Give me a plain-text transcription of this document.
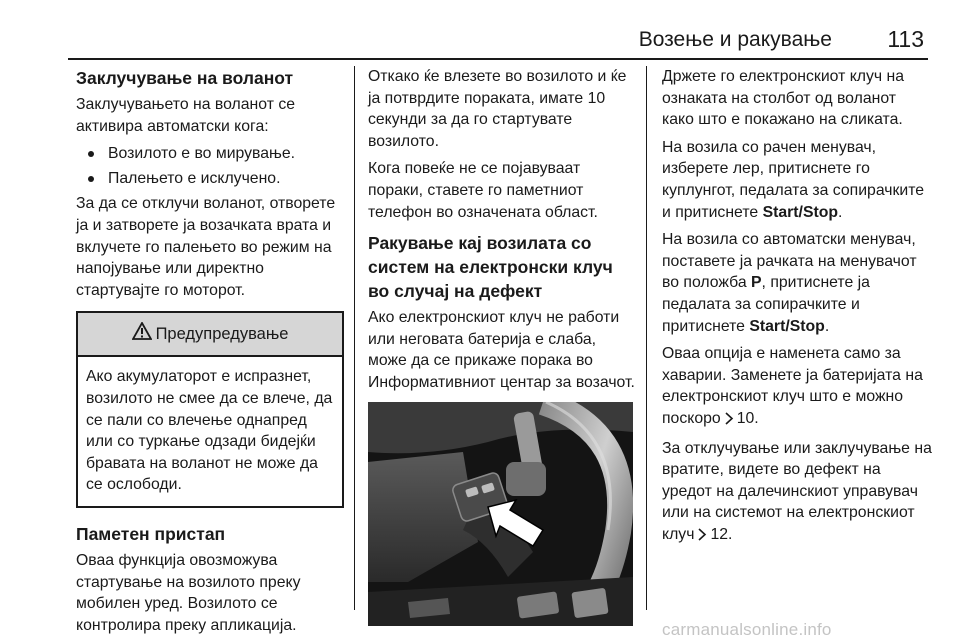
Возење и ракување 113
Заклучување на воланот

Заклучувањето на воланот се активира автоматски кога:

Возилото е во мирување.
Палењето е исклучено.

За да се отклучи воланот, отворете ја и затворете ја возачката врата и вклучете го палењето во режим на напојување или директно стартувајте го моторот.

Предупредување
Ако акумулаторот е испразнет, возилото не смее да се влече, да се пали со влечење однапред или со туркање одзади бидејќи бравата на воланот не може да се ослободи.
Паметен пристап

Оваа функција овозможува стартување на возилото преку мобилен уред. Возилото се контролира преку апликација.

Откако ќе влезете во возилото и ќе ја потврдите пораката, имате 10 секунди за да го стартувате возилото.

Кога повеќе не се појавуваат пораки, ставете го паметниот телефон во означената област.

Ракување кај возилата со систем на електронски клуч во случај на дефект

Ако електронскиот клуч не работи или неговата батерија е слаба, може да се прикаже порака во Информативниот центар за возачот.

Држете го електронскиот клуч на ознаката на столбот од воланот како што е покажано на сликата.

На возила со рачен менувач, изберете лер, притиснете го куплунгот, педалата за сопирачките и притиснете Start/Stop.

На возила со автоматски менувач, поставете ја рачката на менувачот во положба P, притиснете ја педалата за сопирачките и притиснете Start/Stop.

Оваа опција е наменета само за хаварии. Заменете ја батеријата на електронскиот клуч што е можно поскоро 10.

За отклучување или заклучување на вратите, видете во дефект на уредот на далечинскиот управувач или на системот на електронскиот клуч 12.

carmanualsonline.info
